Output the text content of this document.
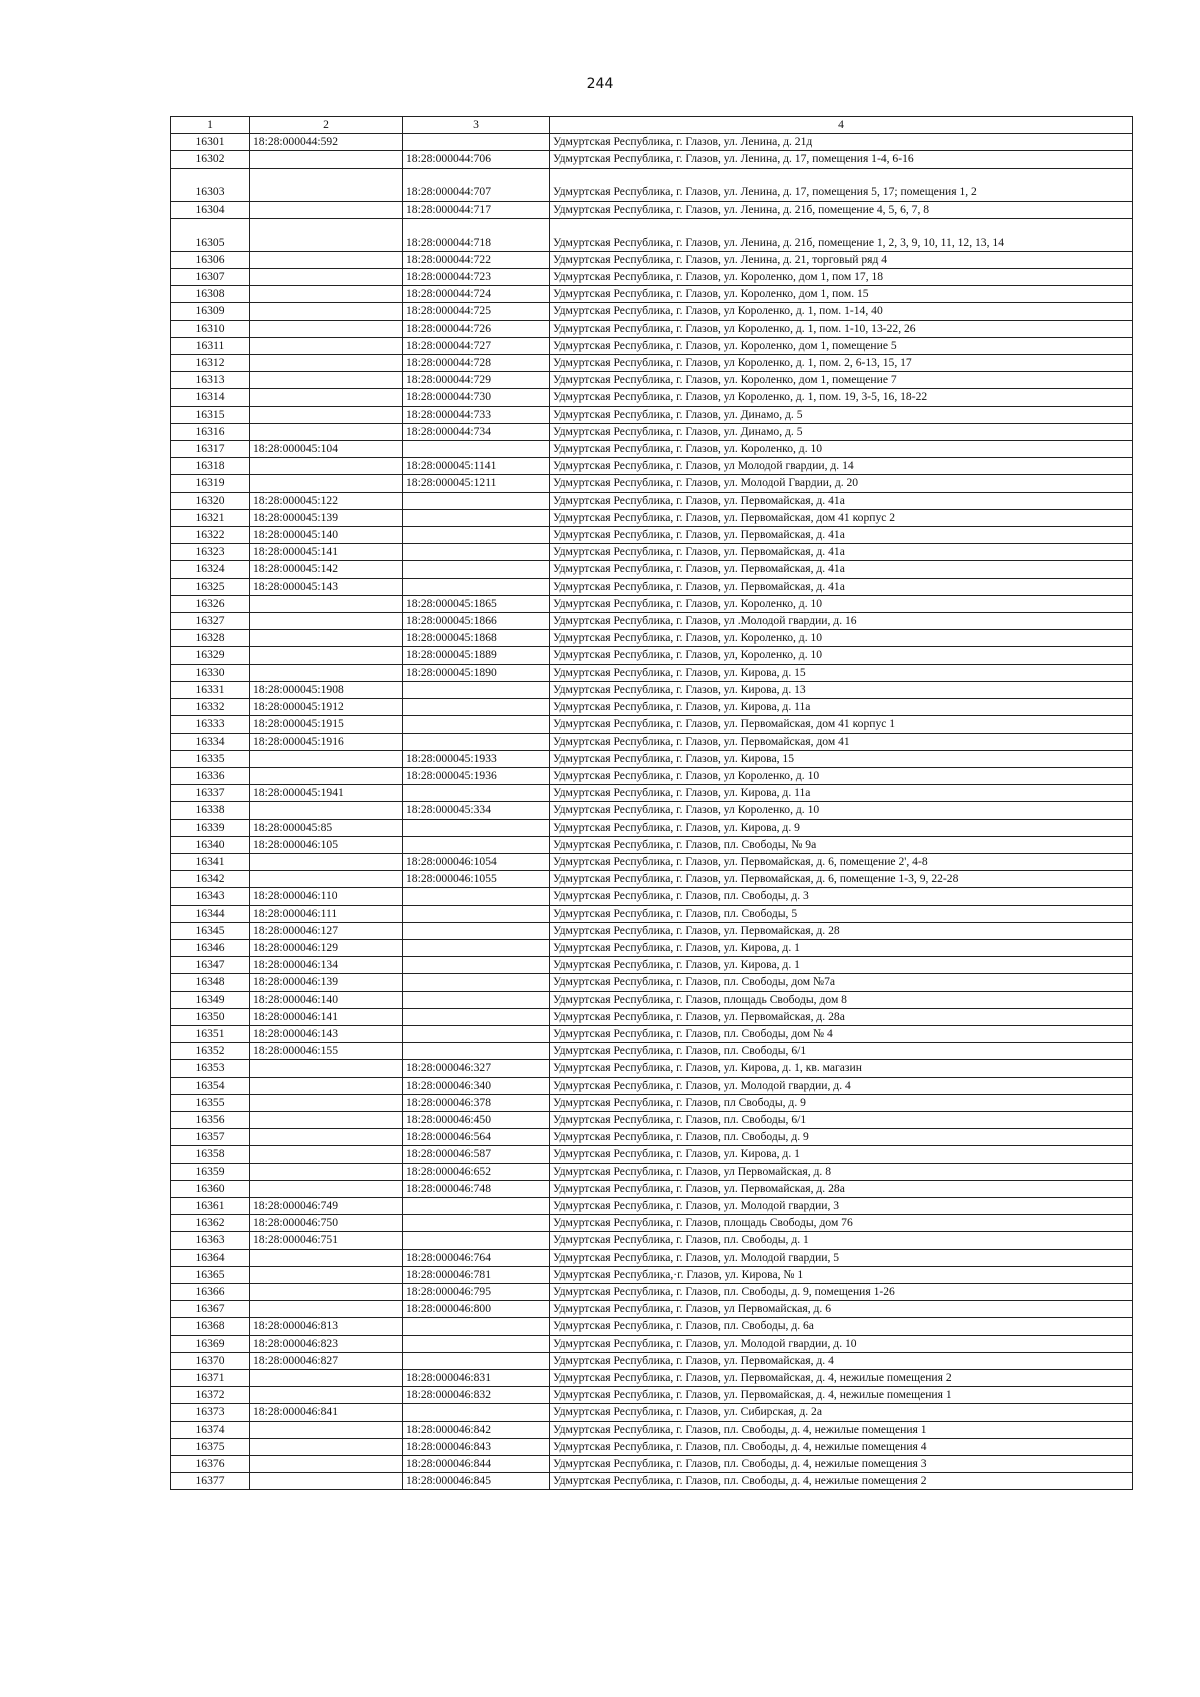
244
1	2	3	4
16301	18:28:000044:592		Удмуртская Республика, г. Глазов, ул. Ленина, д. 21д
16302		18:28:000044:706	Удмуртская Республика, г. Глазов, ул. Ленина, д. 17, помещения 1-4, 6-16
16303		18:28:000044:707	Удмуртская Республика, г. Глазов, ул. Ленина, д. 17, помещения 5, 17; помещения 1, 2
16304		18:28:000044:717	Удмуртская Республика, г. Глазов, ул. Ленина, д. 21б, помещение 4, 5, 6, 7, 8
16305		18:28:000044:718	Удмуртская Республика, г. Глазов, ул. Ленина, д. 21б, помещение 1, 2, 3, 9, 10, 11, 12, 13, 14
16306		18:28:000044:722	Удмуртская Республика, г. Глазов, ул. Ленина, д. 21, торговый ряд 4
16307		18:28:000044:723	Удмуртская Республика, г. Глазов, ул. Короленко, дом 1, пом 17, 18
16308		18:28:000044:724	Удмуртская Республика, г. Глазов, ул. Короленко, дом 1, пом. 15
16309		18:28:000044:725	Удмуртская Республика, г. Глазов, ул Короленко, д. 1, пом. 1-14, 40
16310		18:28:000044:726	Удмуртская Республика, г. Глазов, ул Короленко, д. 1, пом. 1-10, 13-22, 26
16311		18:28:000044:727	Удмуртская Республика, г. Глазов, ул. Короленко, дом 1, помещение 5
16312		18:28:000044:728	Удмуртская Республика, г. Глазов, ул Короленко, д. 1, пом. 2, 6-13, 15, 17
16313		18:28:000044:729	Удмуртская Республика, г. Глазов, ул. Короленко, дом 1, помещение 7
16314		18:28:000044:730	Удмуртская Республика, г. Глазов, ул Короленко, д. 1, пом. 19, 3-5, 16, 18-22
16315		18:28:000044:733	Удмуртская Республика, г. Глазов, ул. Динамо, д. 5
16316		18:28:000044:734	Удмуртская Республика, г. Глазов, ул. Динамо, д. 5
16317	18:28:000045:104		Удмуртская Республика, г. Глазов, ул. Короленко, д. 10
16318		18:28:000045:1141	Удмуртская Республика, г. Глазов, ул Молодой гвардии, д. 14
16319		18:28:000045:1211	Удмуртская Республика, г. Глазов, ул. Молодой Гвардии, д. 20
16320	18:28:000045:122		Удмуртская Республика, г. Глазов, ул. Первомайская, д. 41а
16321	18:28:000045:139		Удмуртская Республика, г. Глазов, ул. Первомайская, дом 41 корпус 2
16322	18:28:000045:140		Удмуртская Республика, г. Глазов, ул. Первомайская, д. 41а
16323	18:28:000045:141		Удмуртская Республика, г. Глазов, ул. Первомайская, д. 41а
16324	18:28:000045:142		Удмуртская Республика, г. Глазов, ул. Первомайская, д. 41а
16325	18:28:000045:143		Удмуртская Республика, г. Глазов, ул. Первомайская, д. 41а
16326		18:28:000045:1865	Удмуртская Республика, г. Глазов, ул. Короленко, д. 10
16327		18:28:000045:1866	Удмуртская Республика, г. Глазов, ул .Молодой гвардии, д. 16
16328		18:28:000045:1868	Удмуртская Республика, г. Глазов, ул. Короленко, д. 10
16329		18:28:000045:1889	Удмуртская Республика, г. Глазов, ул, Короленко, д. 10
16330		18:28:000045:1890	Удмуртская Республика, г. Глазов, ул. Кирова, д. 15
16331	18:28:000045:1908		Удмуртская Республика, г. Глазов, ул. Кирова, д. 13
16332	18:28:000045:1912		Удмуртская Республика, г. Глазов, ул. Кирова, д. 11а
16333	18:28:000045:1915		Удмуртская Республика, г. Глазов, ул. Первомайская, дом 41 корпус 1
16334	18:28:000045:1916		Удмуртская Республика, г. Глазов, ул. Первомайская, дом 41
16335		18:28:000045:1933	Удмуртская Республика, г. Глазов, ул. Кирова, 15
16336		18:28:000045:1936	Удмуртская Республика, г. Глазов, ул Короленко, д. 10
16337	18:28:000045:1941		Удмуртская Республика, г. Глазов, ул. Кирова, д. 11а
16338		18:28:000045:334	Удмуртская Республика, г. Глазов, ул Короленко, д. 10
16339	18:28:000045:85		Удмуртская Республика, г. Глазов, ул. Кирова, д. 9
16340	18:28:000046:105		Удмуртская Республика, г. Глазов, пл. Свободы, № 9а
16341		18:28:000046:1054	Удмуртская Республика, г. Глазов, ул. Первомайская, д. 6, помещение 2', 4-8
16342		18:28:000046:1055	Удмуртская Республика, г. Глазов, ул. Первомайская, д. 6, помещение 1-3, 9, 22-28
16343	18:28:000046:110		Удмуртская Республика, г. Глазов, пл. Свободы, д. 3
16344	18:28:000046:111		Удмуртская Республика, г. Глазов, пл. Свободы, 5
16345	18:28:000046:127		Удмуртская Республика, г. Глазов, ул. Первомайская, д. 28
16346	18:28:000046:129		Удмуртская Республика, г. Глазов, ул. Кирова, д. 1
16347	18:28:000046:134		Удмуртская Республика, г. Глазов, ул. Кирова, д. 1
16348	18:28:000046:139		Удмуртская Республика, г. Глазов, пл. Свободы, дом №7а
16349	18:28:000046:140		Удмуртская Республика, г. Глазов, площадь Свободы, дом 8
16350	18:28:000046:141		Удмуртская Республика, г. Глазов, ул. Первомайская, д. 28а
16351	18:28:000046:143		Удмуртская Республика, г. Глазов, пл. Свободы, дом № 4
16352	18:28:000046:155		Удмуртская Республика, г. Глазов, пл. Свободы, 6/1
16353		18:28:000046:327	Удмуртская Республика, г. Глазов, ул. Кирова, д. 1, кв. магазин
16354		18:28:000046:340	Удмуртская Республика, г. Глазов, ул. Молодой гвардии, д. 4
16355		18:28:000046:378	Удмуртская Республика, г. Глазов, пл Свободы, д. 9
16356		18:28:000046:450	Удмуртская Республика, г. Глазов, пл. Свободы, 6/1
16357		18:28:000046:564	Удмуртская Республика, г. Глазов, пл. Свободы, д. 9
16358		18:28:000046:587	Удмуртская Республика, г. Глазов, ул. Кирова, д. 1
16359		18:28:000046:652	Удмуртская Республика, г. Глазов, ул Первомайская, д. 8
16360		18:28:000046:748	Удмуртская Республика, г. Глазов, ул. Первомайская, д. 28а
16361	18:28:000046:749		Удмуртская Республика, г. Глазов, ул. Молодой гвардии, 3
16362	18:28:000046:750		Удмуртская Республика, г. Глазов, площадь Свободы, дом 76
16363	18:28:000046:751		Удмуртская Республика, г. Глазов, пл. Свободы, д. 1
16364		18:28:000046:764	Удмуртская Республика, г. Глазов, ул. Молодой гвардии, 5
16365		18:28:000046:781	Удмуртская Республика,·г. Глазов, ул. Кирова, № 1
16366		18:28:000046:795	Удмуртская Республика, г. Глазов, пл. Свободы, д. 9, помещения 1-26
16367		18:28:000046:800	Удмуртская Республика, г. Глазов, ул Первомайская, д. 6
16368	18:28:000046:813		Удмуртская Республика, г. Глазов, пл. Свободы, д. 6а
16369	18:28:000046:823		Удмуртская Республика, г. Глазов, ул. Молодой гвардии, д. 10
16370	18:28:000046:827		Удмуртская Республика, г. Глазов, ул. Первомайская, д. 4
16371		18:28:000046:831	Удмуртская Республика, г. Глазов, ул. Первомайская, д. 4, нежилые помещения 2
16372		18:28:000046:832	Удмуртская Республика, г. Глазов, ул. Первомайская, д. 4, нежилые помещения 1
16373	18:28:000046:841		Удмуртская Республика, г. Глазов, ул. Сибирская, д. 2а
16374		18:28:000046:842	Удмуртская Республика, г. Глазов, пл. Свободы, д. 4, нежилые помещения 1
16375		18:28:000046:843	Удмуртская Республика, г. Глазов, пл. Свободы, д. 4, нежилые помещения 4
16376		18:28:000046:844	Удмуртская Республика, г. Глазов, пл. Свободы, д. 4, нежилые помещения 3
16377		18:28:000046:845	Удмуртская Республика, г. Глазов, пл. Свободы, д. 4, нежилые помещения 2
